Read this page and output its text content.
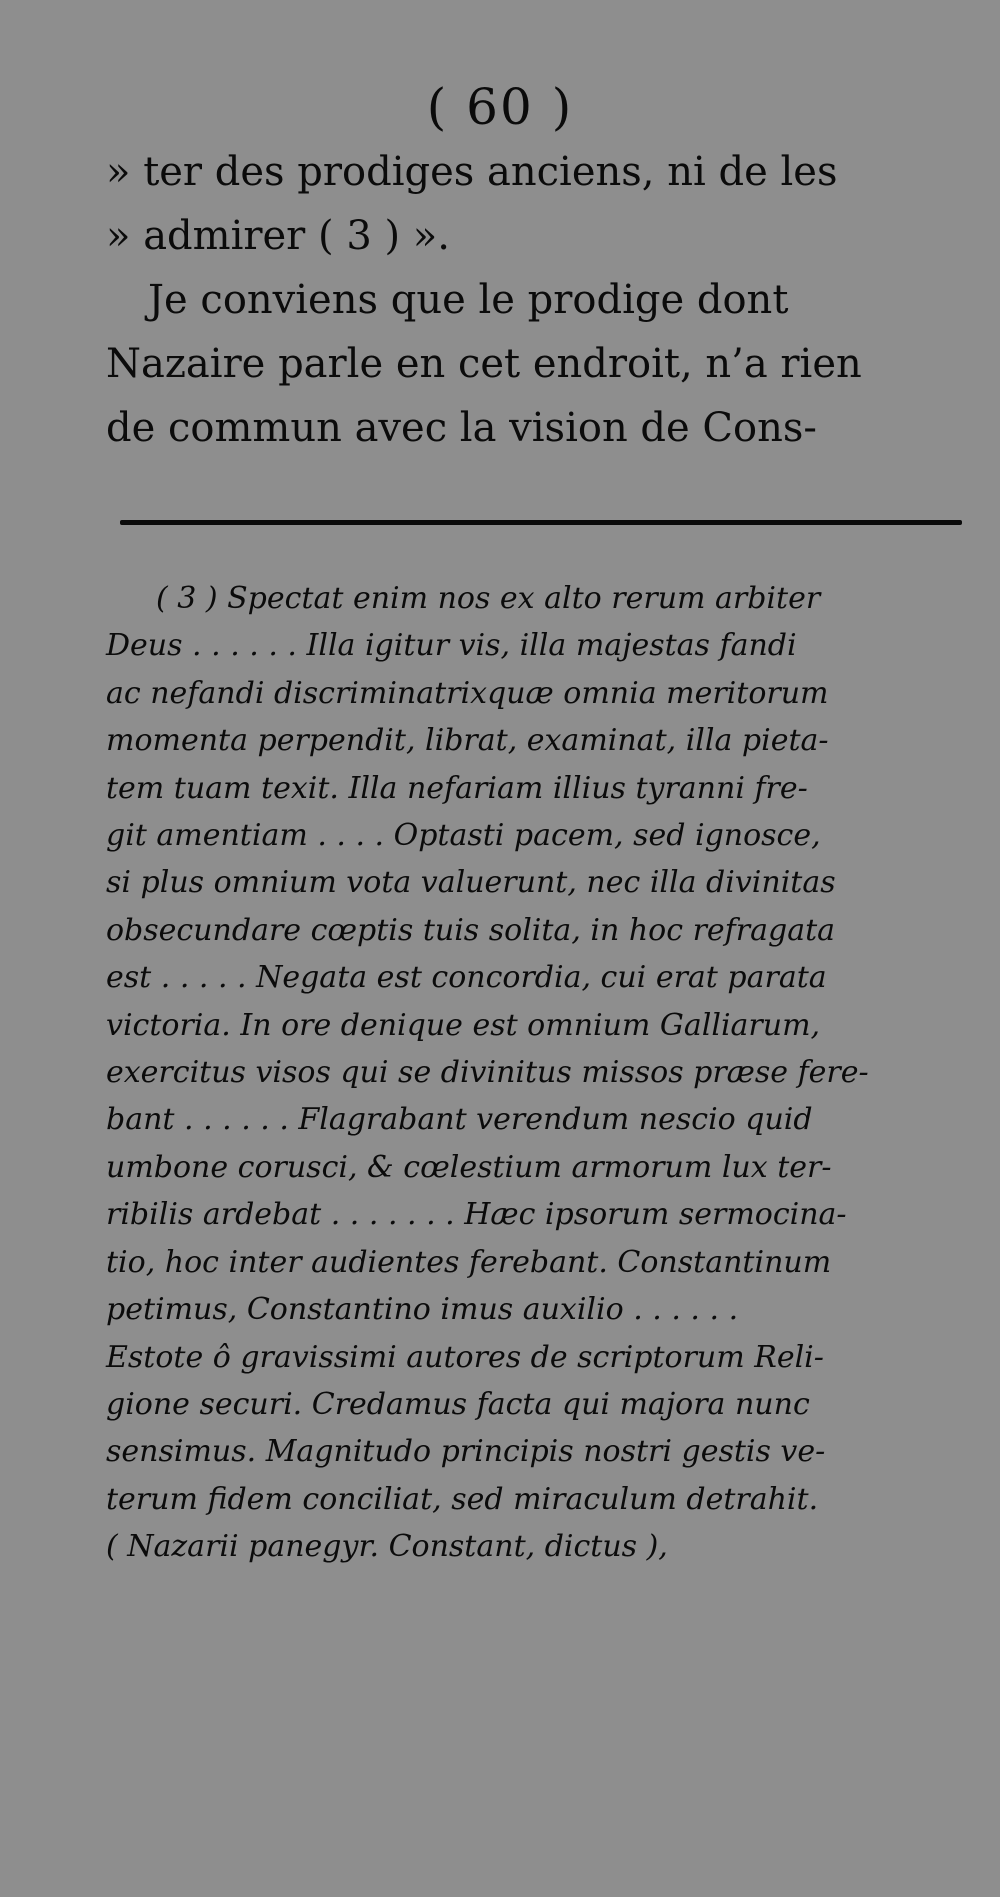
( 60 )
» ter des prodiges anciens, ni de les
» admirer ( 3 ) ».
Je conviens que le prodige dont
Nazaire parle en cet endroit, n’a rien
de commun avec la vision de Cons-
( 3 ) Spectat enim nos ex alto rerum arbiter
Deus . . . . . . Illa igitur vis, illa majestas fandi
ac nefandi discriminatrixquæ omnia meritorum
momenta perpendit, librat, examinat, illa pieta-
tem tuam texit. Illa nefariam illius tyranni fre-
git amentiam . . . . Optasti pacem, sed ignosce,
si plus omnium vota valuerunt, nec illa divinitas
obsecundare cœptis tuis solita, in hoc refragata
est . . . . . Negata est concordia, cui erat parata
victoria. In ore denique est omnium Galliarum,
exercitus visos qui se divinitus missos præse fere-
bant . . . . . . Flagrabant verendum nescio quid
umbone corusci, & cœlestium armorum lux ter-
ribilis ardebat . . . . . . . Hæc ipsorum sermocina-
tio, hoc inter audientes ferebant. Constantinum
petimus, Constantino imus auxilio . . . . . .
Estote ô gravissimi autores de scriptorum Reli-
gione securi. Credamus facta qui majora nunc
sensimus. Magnitudo principis nostri gestis ve-
terum fidem conciliat, sed miraculum detrahit.
( Nazarii panegyr. Constant, dictus ),
